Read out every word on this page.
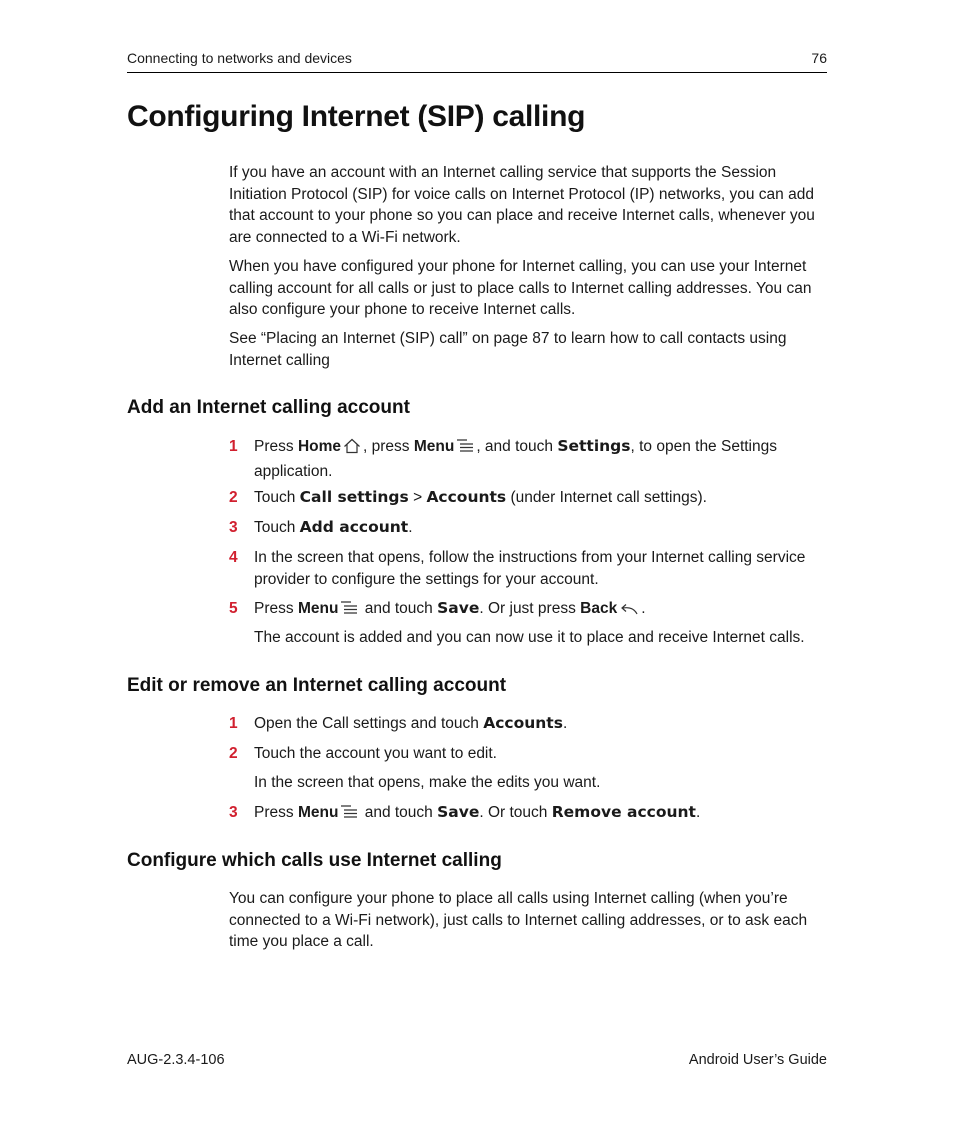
Connecting to networks and devices	76
Configuring Internet (SIP) calling

If you have an account with an Internet calling service that supports the Session Initiation Protocol (SIP) for voice calls on Internet Protocol (IP) networks, you can add that account to your phone so you can place and receive Internet calls, whenever you are connected to a Wi-Fi network.

When you have configured your phone for Internet calling, you can use your Internet calling account for all calls or just to place calls to Internet calling addresses. You can also configure your phone to receive Internet calls.

See “Placing an Internet (SIP) call” on page 87 to learn how to call contacts using Internet calling

Add an Internet calling account
1 Press Home , press Menu , and touch Settings, to open the Settings application.
2 Touch Call settings > Accounts (under Internet call settings).
3 Touch Add account.
4 In the screen that opens, follow the instructions from your Internet calling service provider to configure the settings for your account.
5 Press Menu and touch Save. Or just press Back .
The account is added and you can now use it to place and receive Internet calls.
Edit or remove an Internet calling account
1 Open the Call settings and touch Accounts.
2 Touch the account you want to edit.
In the screen that opens, make the edits you want.
3 Press Menu and touch Save. Or touch Remove account.
Configure which calls use Internet calling

You can configure your phone to place all calls using Internet calling (when you’re connected to a Wi-Fi network), just calls to Internet calling addresses, or to ask each time you place a call.

AUG-2.3.4-106	Android User’s Guide
